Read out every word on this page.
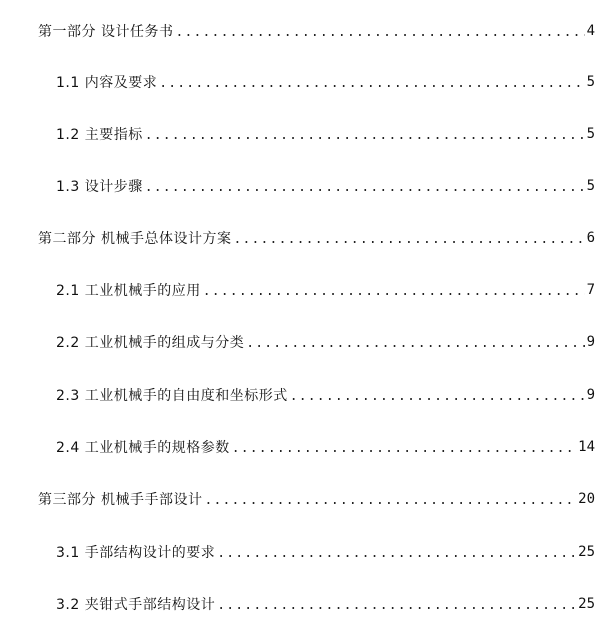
第一部分 设计任务书 .....	4
1.1 内容及要求 .....	5
1.2 主要指标 .....	5
1.3 设计步骤 .....	5
第二部分 机械手总体设计方案 .....	6
2.1 工业机械手的应用 .....	7
2.2 工业机械手的组成与分类 .....	9
2.3 工业机械手的自由度和坐标形式 .....	9
2.4 工业机械手的规格参数 .....	14
第三部分 机械手手部设计 .....	20
3.1 手部结构设计的要求 .....	25
3.2 夹钳式手部结构设计 .....	25
